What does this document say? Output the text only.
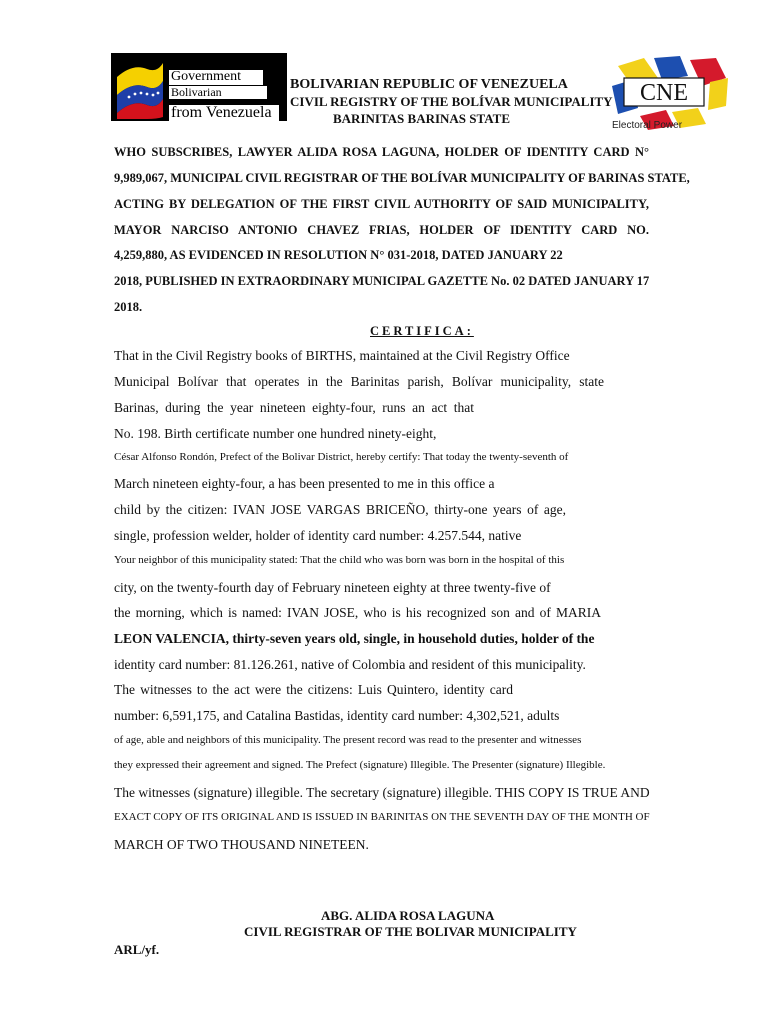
Government
Bolivarian
from Venezuela
CNE
Electoral Power
BOLIVARIAN REPUBLIC OF VENEZUELA
CIVIL REGISTRY OF THE BOLÍVAR MUNICIPALITY
BARINITAS BARINAS STATE
WHO SUBSCRIBES, LAWYER ALIDA ROSA LAGUNA, HOLDER OF IDENTITY CARD N°
9,989,067, MUNICIPAL CIVIL REGISTRAR OF THE BOLÍVAR MUNICIPALITY OF BARINAS STATE,
ACTING BY DELEGATION OF THE FIRST CIVIL AUTHORITY OF SAID MUNICIPALITY,
MAYOR NARCISO ANTONIO CHAVEZ FRIAS, HOLDER OF IDENTITY CARD NO.
4,259,880, AS EVIDENCED IN RESOLUTION N° 031-2018, DATED JANUARY 22
2018, PUBLISHED IN EXTRAORDINARY MUNICIPAL GAZETTE No. 02 DATED JANUARY 17
2018.
CERTIFICA:
That in the Civil Registry books of BIRTHS, maintained at the Civil Registry Office
Municipal Bolívar that operates in the Barinitas parish, Bolívar municipality, state
Barinas, during the year nineteen eighty-four, runs an act that
No. 198. Birth certificate number one hundred ninety-eight,
César Alfonso Rondón, Prefect of the Bolivar District, hereby certify: That today the twenty-seventh of
March nineteen eighty-four, a has been presented to me in this office a
child by the citizen: IVAN JOSE VARGAS BRICEÑO, thirty-one years of age,
single, profession welder, holder of identity card number: 4.257.544, native
Your neighbor of this municipality stated: That the child who was born was born in the hospital of this
city, on the twenty-fourth day of February nineteen eighty at three twenty-five of
the morning, which is named: IVAN JOSE, who is his recognized son and of MARIA
LEON VALENCIA, thirty-seven years old, single, in household duties, holder of the
identity card number: 81.126.261, native of Colombia and resident of this municipality.
The witnesses to the act were the citizens: Luis Quintero, identity card
number: 6,591,175, and Catalina Bastidas, identity card number: 4,302,521, adults
of age, able and neighbors of this municipality. The present record was read to the presenter and witnesses
they expressed their agreement and signed. The Prefect (signature) Illegible. The Presenter (signature) Illegible.
The witnesses (signature) illegible. The secretary (signature) illegible. THIS COPY IS TRUE AND
EXACT COPY OF ITS ORIGINAL AND IS ISSUED IN BARINITAS ON THE SEVENTH DAY OF THE MONTH OF
MARCH OF TWO THOUSAND NINETEEN.
ABG. ALIDA ROSA LAGUNA
CIVIL REGISTRAR OF THE BOLIVAR MUNICIPALITY
ARL/yf.
